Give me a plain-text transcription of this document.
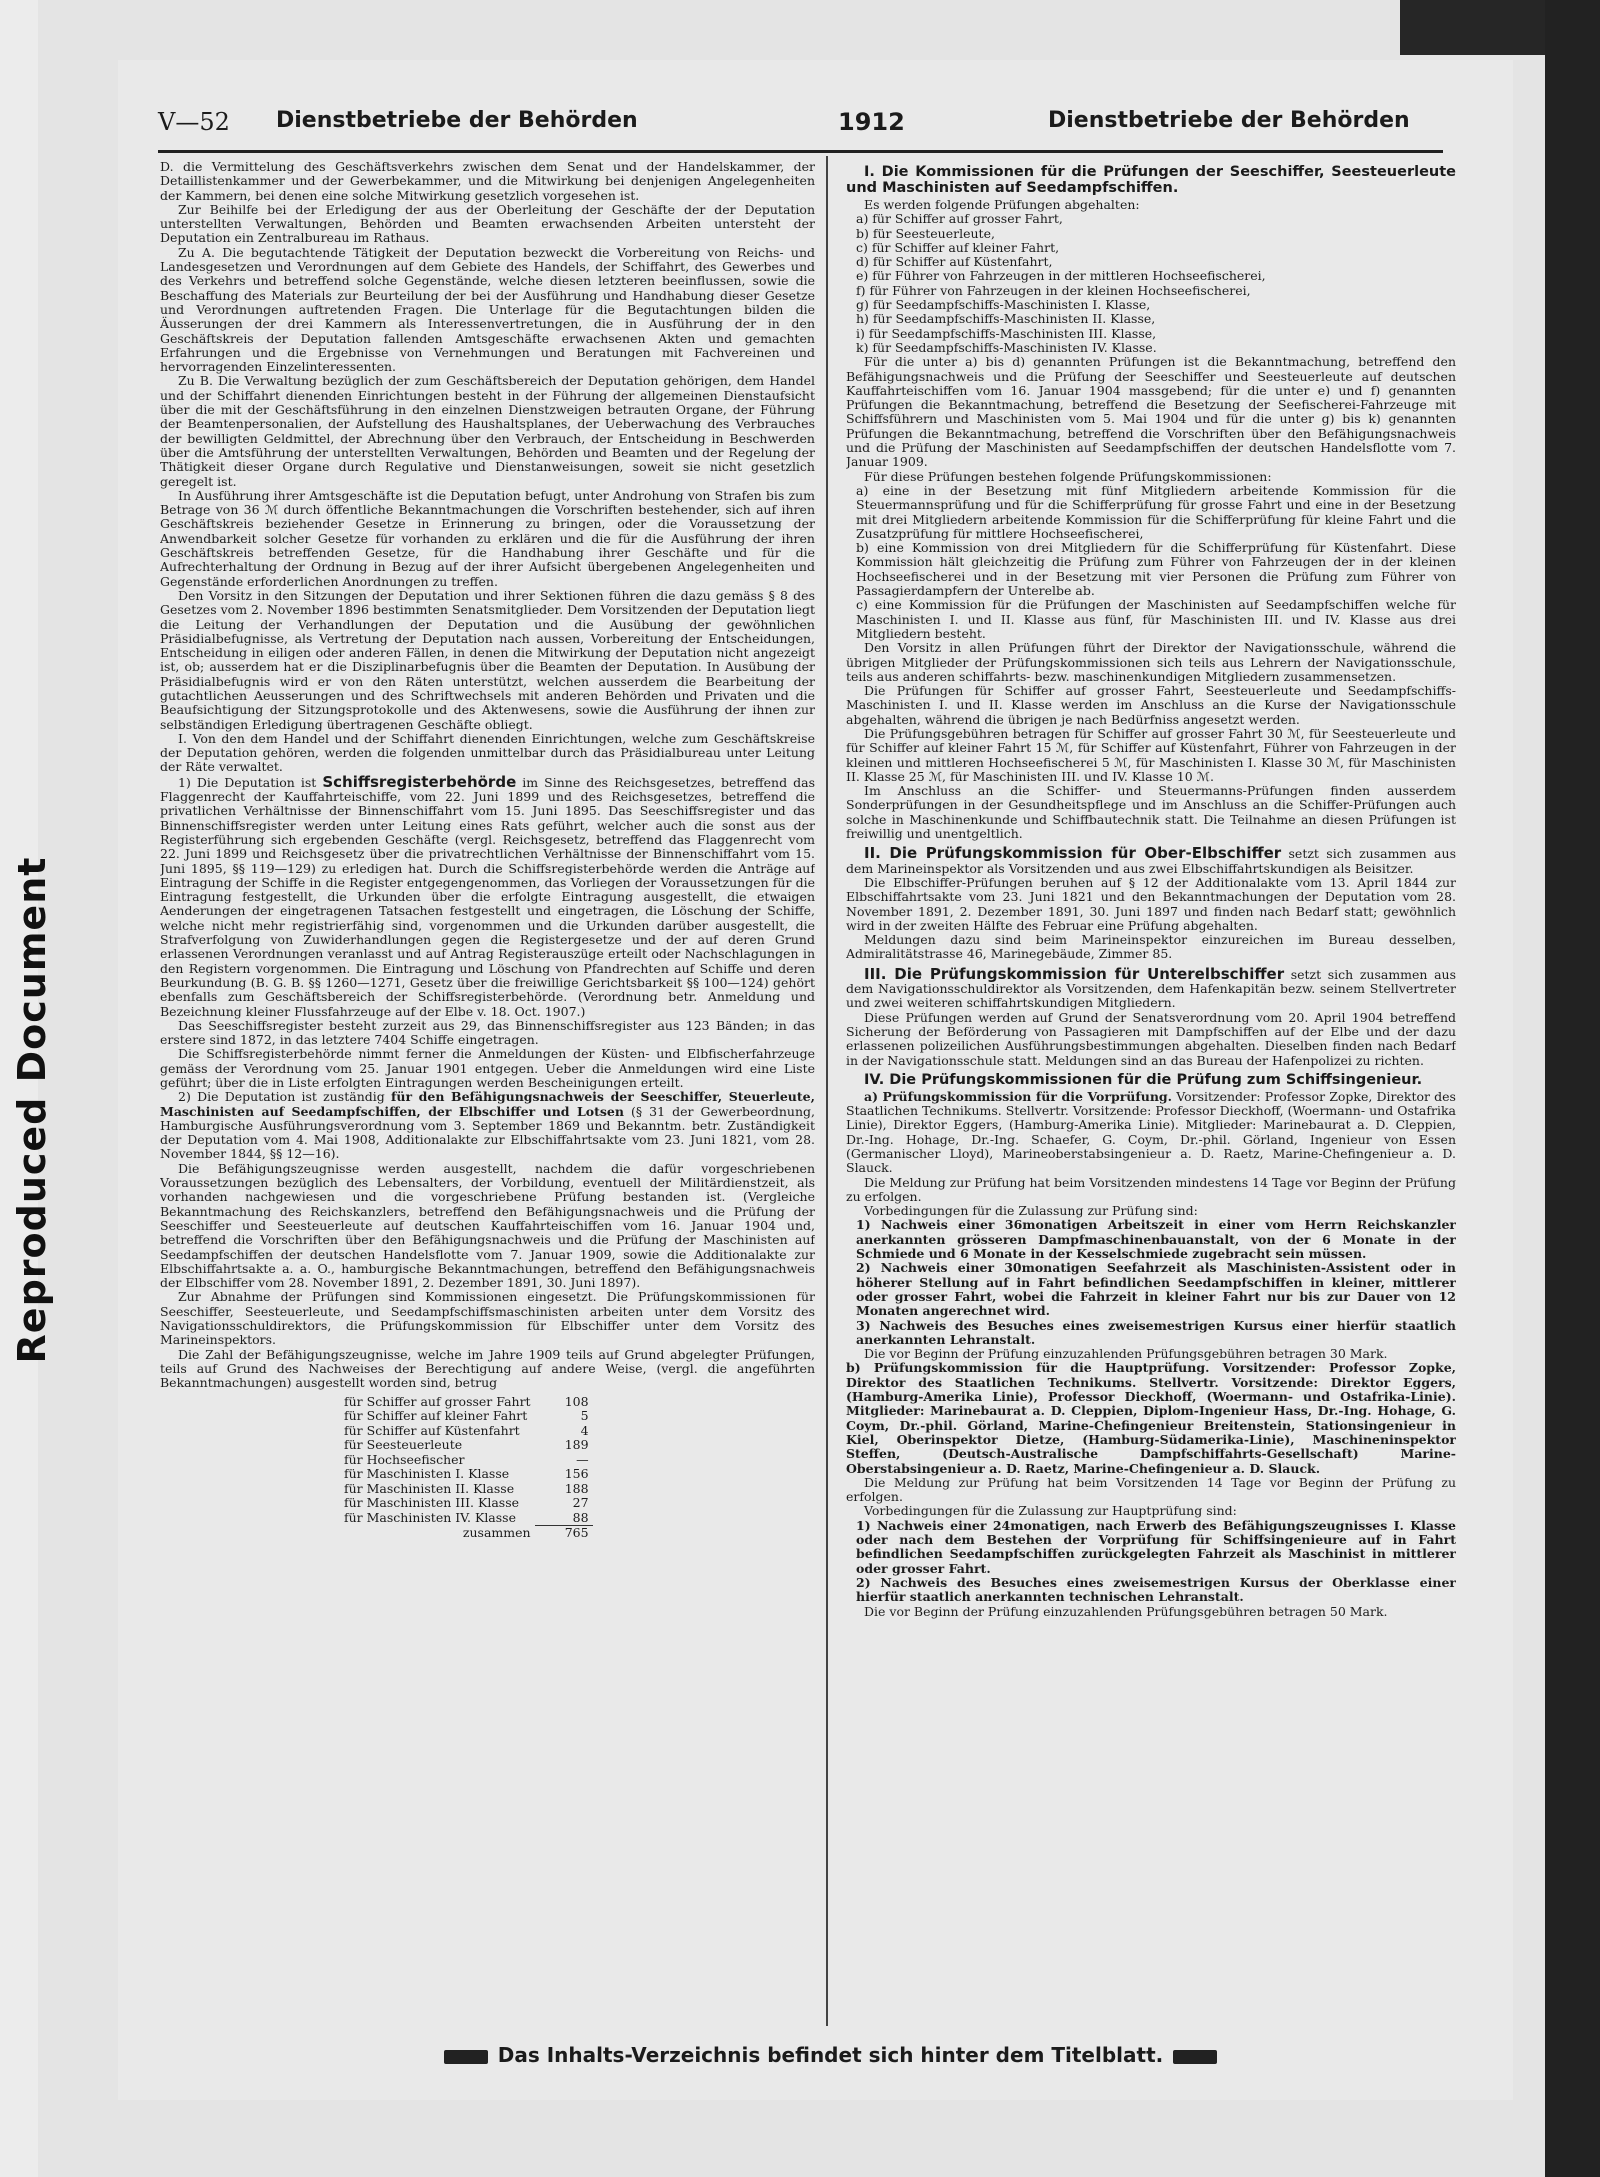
Reproduced Document
V—52 Dienstbetriebe der Behörden	1912	Dienstbetriebe der Behörden

D. die Vermittelung des Geschäftsverkehrs zwischen dem Senat und der Handelskammer, der Detaillistenkammer und der Gewerbekammer, und die Mitwirkung bei denjenigen Angelegenheiten der Kammern, bei denen eine solche Mitwirkung gesetzlich vorgesehen ist.

Zur Beihilfe bei der Erledigung der aus der Oberleitung der Geschäfte der der Deputation unterstellten Verwaltungen, Behörden und Beamten erwachsenden Arbeiten untersteht der Deputation ein Zentralbureau im Rathaus.

Zu A. Die begutachtende Tätigkeit der Deputation bezweckt die Vorbereitung von Reichs- und Landesgesetzen und Verordnungen auf dem Gebiete des Handels, der Schiffahrt, des Gewerbes und des Verkehrs und betreffend solche Gegenstände, welche diesen letzteren beeinflussen, sowie die Beschaffung des Materials zur Beurteilung der bei der Ausführung und Handhabung dieser Gesetze und Verordnungen auftretenden Fragen. Die Unterlage für die Begutachtungen bilden die Äusserungen der drei Kammern als Interessenvertretungen, die in Ausführung der in den Geschäftskreis der Deputation fallenden Amtsgeschäfte erwachsenen Akten und gemachten Erfahrungen und die Ergebnisse von Vernehmungen und Beratungen mit Fachvereinen und hervorragenden Einzelinteressenten.

Zu B. Die Verwaltung bezüglich der zum Geschäftsbereich der Deputation gehörigen, dem Handel und der Schiffahrt dienenden Einrichtungen besteht in der Führung der allgemeinen Dienstaufsicht über die mit der Geschäftsführung in den einzelnen Dienstzweigen betrauten Organe, der Führung der Beamtenpersonalien, der Aufstellung des Haushaltsplanes, der Ueberwachung des Verbrauches der bewilligten Geldmittel, der Abrechnung über den Verbrauch, der Entscheidung in Beschwerden über die Amtsführung der unterstellten Verwaltungen, Behörden und Beamten und der Regelung der Thätigkeit dieser Organe durch Regulative und Dienstanweisungen, soweit sie nicht gesetzlich geregelt ist.

In Ausführung ihrer Amtsgeschäfte ist die Deputation befugt, unter Androhung von Strafen bis zum Betrage von 36 ℳ durch öffentliche Bekanntmachungen die Vorschriften bestehender, sich auf ihren Geschäftskreis beziehender Gesetze in Erinnerung zu bringen, oder die Voraussetzung der Anwendbarkeit solcher Gesetze für vorhanden zu erklären und die für die Ausführung der ihren Geschäftskreis betreffenden Gesetze, für die Handhabung ihrer Geschäfte und für die Aufrechterhaltung der Ordnung in Bezug auf der ihrer Aufsicht übergebenen Angelegenheiten und Gegenstände erforderlichen Anordnungen zu treffen.

Den Vorsitz in den Sitzungen der Deputation und ihrer Sektionen führen die dazu gemäss § 8 des Gesetzes vom 2. November 1896 bestimmten Senatsmitglieder. Dem Vorsitzenden der Deputation liegt die Leitung der Verhandlungen der Deputation und die Ausübung der gewöhnlichen Präsidialbefugnisse, als Vertretung der Deputation nach aussen, Vorbereitung der Entscheidungen, Entscheidung in eiligen oder anderen Fällen, in denen die Mitwirkung der Deputation nicht angezeigt ist, ob; ausserdem hat er die Disziplinarbefugnis über die Beamten der Deputation. In Ausübung der Präsidialbefugnis wird er von den Räten unterstützt, welchen ausserdem die Bearbeitung der gutachtlichen Aeusserungen und des Schriftwechsels mit anderen Behörden und Privaten und die Beaufsichtigung der Sitzungsprotokolle und des Aktenwesens, sowie die Ausführung der ihnen zur selbständigen Erledigung übertragenen Geschäfte obliegt.

I. Von den dem Handel und der Schiffahrt dienenden Einrichtungen, welche zum Geschäftskreise der Deputation gehören, werden die folgenden unmittelbar durch das Präsidialbureau unter Leitung der Räte verwaltet.

1) Die Deputation ist Schiffsregisterbehörde im Sinne des Reichsgesetzes, betreffend das Flaggenrecht der Kauffahrteischiffe, vom 22. Juni 1899 und des Reichsgesetzes, betreffend die privatlichen Verhältnisse der Binnenschiffahrt vom 15. Juni 1895. Das Seeschiffsregister und das Binnenschiffsregister werden unter Leitung eines Rats geführt, welcher auch die sonst aus der Registerführung sich ergebenden Geschäfte (vergl. Reichsgesetz, betreffend das Flaggenrecht vom 22. Juni 1899 und Reichsgesetz über die privatrechtlichen Verhältnisse der Binnenschiffahrt vom 15. Juni 1895, §§ 119—129) zu erledigen hat. Durch die Schiffsregisterbehörde werden die Anträge auf Eintragung der Schiffe in die Register entgegengenommen, das Vorliegen der Voraussetzungen für die Eintragung festgestellt, die Urkunden über die erfolgte Eintragung ausgestellt, die etwaigen Aenderungen der eingetragenen Tatsachen festgestellt und eingetragen, die Löschung der Schiffe, welche nicht mehr registrierfähig sind, vorgenommen und die Urkunden darüber ausgestellt, die Strafverfolgung von Zuwiderhandlungen gegen die Registergesetze und der auf deren Grund erlassenen Verordnungen veranlasst und auf Antrag Registerauszüge erteilt oder Nachschlagungen in den Registern vorgenommen. Die Eintragung und Löschung von Pfandrechten auf Schiffe und deren Beurkundung (B. G. B. §§ 1260—1271, Gesetz über die freiwillige Gerichtsbarkeit §§ 100—124) gehört ebenfalls zum Geschäftsbereich der Schiffsregisterbehörde. (Verordnung betr. Anmeldung und Bezeichnung kleiner Flussfahrzeuge auf der Elbe v. 18. Oct. 1907.)

Das Seeschiffsregister besteht zurzeit aus 29, das Binnenschiffsregister aus 123 Bänden; in das erstere sind 1872, in das letztere 7404 Schiffe eingetragen.

Die Schiffsregisterbehörde nimmt ferner die Anmeldungen der Küsten- und Elbfischerfahrzeuge gemäss der Verordnung vom 25. Januar 1901 entgegen. Ueber die Anmeldungen wird eine Liste geführt; über die in Liste erfolgten Eintragungen werden Bescheinigungen erteilt.

2) Die Deputation ist zuständig für den Befähigungsnachweis der Seeschiffer, Steuerleute, Maschinisten auf Seedampfschiffen, der Elbschiffer und Lotsen (§ 31 der Gewerbeordnung, Hamburgische Ausführungsverordnung vom 3. September 1869 und Bekanntm. betr. Zuständigkeit der Deputation vom 4. Mai 1908, Additionalakte zur Elbschiffahrtsakte vom 23. Juni 1821, vom 28. November 1844, §§ 12—16).

Die Befähigungszeugnisse werden ausgestellt, nachdem die dafür vorgeschriebenen Voraussetzungen bezüglich des Lebensalters, der Vorbildung, eventuell der Militärdienstzeit, als vorhanden nachgewiesen und die vorgeschriebene Prüfung bestanden ist. (Vergleiche Bekanntmachung des Reichskanzlers, betreffend den Befähigungsnachweis und die Prüfung der Seeschiffer und Seesteuerleute auf deutschen Kauffahrteischiffen vom 16. Januar 1904 und, betreffend die Vorschriften über den Befähigungsnachweis und die Prüfung der Maschinisten auf Seedampfschiffen der deutschen Handelsflotte vom 7. Januar 1909, sowie die Additionalakte zur Elbschiffahrtsakte a. a. O., hamburgische Bekanntmachungen, betreffend den Befähigungsnachweis der Elbschiffer vom 28. November 1891, 2. Dezember 1891, 30. Juni 1897).

Zur Abnahme der Prüfungen sind Kommissionen eingesetzt. Die Prüfungskommissionen für Seeschiffer, Seesteuerleute, und Seedampfschiffsmaschinisten arbeiten unter dem Vorsitz des Navigationsschuldirektors, die Prüfungskommission für Elbschiffer unter dem Vorsitz des Marineinspektors.

Die Zahl der Befähigungszeugnisse, welche im Jahre 1909 teils auf Grund abgelegter Prüfungen, teils auf Grund des Nachweises der Berechtigung auf andere Weise, (vergl. die angeführten Bekanntmachungen) ausgestellt worden sind, betrug

für Schiffer auf grosser Fahrt	108
für Schiffer auf kleiner Fahrt	5
für Schiffer auf Küstenfahrt	4
für Seesteuerleute	189
für Hochseefischer	—
für Maschinisten I. Klasse	156
für Maschinisten II. Klasse	188
für Maschinisten III. Klasse	27
für Maschinisten IV. Klasse	88
zusammen	765
I. Die Kommissionen für die Prüfungen der Seeschiffer, Seesteuerleute und Maschinisten auf Seedampfschiffen.

Es werden folgende Prüfungen abgehalten:

a) für Schiffer auf grosser Fahrt,
b) für Seesteuerleute,
c) für Schiffer auf kleiner Fahrt,
d) für Schiffer auf Küstenfahrt,
e) für Führer von Fahrzeugen in der mittleren Hochseefischerei,
f) für Führer von Fahrzeugen in der kleinen Hochseefischerei,
g) für Seedampfschiffs-Maschinisten I. Klasse,
h) für Seedampfschiffs-Maschinisten II. Klasse,
i) für Seedampfschiffs-Maschinisten III. Klasse,
k) für Seedampfschiffs-Maschinisten IV. Klasse.

Für die unter a) bis d) genannten Prüfungen ist die Bekanntmachung, betreffend den Befähigungsnachweis und die Prüfung der Seeschiffer und Seesteuerleute auf deutschen Kauffahrteischiffen vom 16. Januar 1904 massgebend; für die unter e) und f) genannten Prüfungen die Bekanntmachung, betreffend die Besetzung der Seefischerei-Fahrzeuge mit Schiffsführern und Maschinisten vom 5. Mai 1904 und für die unter g) bis k) genannten Prüfungen die Bekanntmachung, betreffend die Vorschriften über den Befähigungsnachweis und die Prüfung der Maschinisten auf Seedampfschiffen der deutschen Handelsflotte vom 7. Januar 1909.

Für diese Prüfungen bestehen folgende Prüfungskommissionen:

a) eine in der Besetzung mit fünf Mitgliedern arbeitende Kommission für die Steuermannsprüfung und für die Schifferprüfung für grosse Fahrt und eine in der Besetzung mit drei Mitgliedern arbeitende Kommission für die Schifferprüfung für kleine Fahrt und die Zusatzprüfung für mittlere Hochseefischerei,
b) eine Kommission von drei Mitgliedern für die Schifferprüfung für Küstenfahrt. Diese Kommission hält gleichzeitig die Prüfung zum Führer von Fahrzeugen der in der kleinen Hochseefischerei und in der Besetzung mit vier Personen die Prüfung zum Führer von Passagierdampfern der Unterelbe ab.
c) eine Kommission für die Prüfungen der Maschinisten auf Seedampfschiffen welche für Maschinisten I. und II. Klasse aus fünf, für Maschinisten III. und IV. Klasse aus drei Mitgliedern besteht.

Den Vorsitz in allen Prüfungen führt der Direktor der Navigationsschule, während die übrigen Mitglieder der Prüfungskommissionen sich teils aus Lehrern der Navigationsschule, teils aus anderen schiffahrts- bezw. maschinenkundigen Mitgliedern zusammensetzen.

Die Prüfungen für Schiffer auf grosser Fahrt, Seesteuerleute und Seedampfschiffs-Maschinisten I. und II. Klasse werden im Anschluss an die Kurse der Navigationsschule abgehalten, während die übrigen je nach Bedürfniss angesetzt werden.

Die Prüfungsgebühren betragen für Schiffer auf grosser Fahrt 30 ℳ, für Seesteuerleute und für Schiffer auf kleiner Fahrt 15 ℳ, für Schiffer auf Küstenfahrt, Führer von Fahrzeugen in der kleinen und mittleren Hochseefischerei 5 ℳ, für Maschinisten I. Klasse 30 ℳ, für Maschinisten II. Klasse 25 ℳ, für Maschinisten III. und IV. Klasse 10 ℳ.

Im Anschluss an die Schiffer- und Steuermanns-Prüfungen finden ausserdem Sonderprüfungen in der Gesundheitspflege und im Anschluss an die Schiffer-Prüfungen auch solche in Maschinenkunde und Schiffbautechnik statt. Die Teilnahme an diesen Prüfungen ist freiwillig und unentgeltlich.

II. Die Prüfungskommission für Ober-Elbschiffer setzt sich zusammen aus dem Marineinspektor als Vorsitzenden und aus zwei Elbschiffahrtskundigen als Beisitzer.

Die Elbschiffer-Prüfungen beruhen auf § 12 der Additionalakte vom 13. April 1844 zur Elbschiffahrtsakte vom 23. Juni 1821 und den Bekanntmachungen der Deputation vom 28. November 1891, 2. Dezember 1891, 30. Juni 1897 und finden nach Bedarf statt; gewöhnlich wird in der zweiten Hälfte des Februar eine Prüfung abgehalten.

Meldungen dazu sind beim Marineinspektor einzureichen im Bureau desselben, Admiralitätstrasse 46, Marinegebäude, Zimmer 85.

III. Die Prüfungskommission für Unterelbschiffer setzt sich zusammen aus dem Navigationsschuldirektor als Vorsitzenden, dem Hafenkapitän bezw. seinem Stellvertreter und zwei weiteren schiffahrtskundigen Mitgliedern.

Diese Prüfungen werden auf Grund der Senatsverordnung vom 20. April 1904 betreffend Sicherung der Beförderung von Passagieren mit Dampfschiffen auf der Elbe und der dazu erlassenen polizeilichen Ausführungsbestimmungen abgehalten. Dieselben finden nach Bedarf in der Navigationsschule statt. Meldungen sind an das Bureau der Hafenpolizei zu richten.

IV. Die Prüfungskommissionen für die Prüfung zum Schiffsingenieur.

a) Prüfungskommission für die Vorprüfung. Vorsitzender: Professor Zopke, Direktor des Staatlichen Technikums. Stellvertr. Vorsitzende: Professor Dieckhoff, (Woermann- und Ostafrika Linie), Direktor Eggers, (Hamburg-Amerika Linie). Mitglieder: Marinebaurat a. D. Cleppien, Dr.-Ing. Hohage, Dr.-Ing. Schaefer, G. Coym, Dr.-phil. Görland, Ingenieur von Essen (Germanischer Lloyd), Marineoberstabsingenieur a. D. Raetz, Marine-Chefingenieur a. D. Slauck.

Die Meldung zur Prüfung hat beim Vorsitzenden mindestens 14 Tage vor Beginn der Prüfung zu erfolgen.

Vorbedingungen für die Zulassung zur Prüfung sind:

1) Nachweis einer 36monatigen Arbeitszeit in einer vom Herrn Reichskanzler anerkannten grösseren Dampfmaschinenbauanstalt, von der 6 Monate in der Schmiede und 6 Monate in der Kesselschmiede zugebracht sein müssen.
2) Nachweis einer 30monatigen Seefahrzeit als Maschinisten-Assistent oder in höherer Stellung auf in Fahrt befindlichen Seedampfschiffen in kleiner, mittlerer oder grosser Fahrt, wobei die Fahrzeit in kleiner Fahrt nur bis zur Dauer von 12 Monaten angerechnet wird.
3) Nachweis des Besuches eines zweisemestrigen Kursus einer hierfür staatlich anerkannten Lehranstalt.

Die vor Beginn der Prüfung einzuzahlenden Prüfungsgebühren betragen 30 Mark.

b) Prüfungskommission für die Hauptprüfung. Vorsitzender: Professor Zopke, Direktor des Staatlichen Technikums. Stellvertr. Vorsitzende: Direktor Eggers, (Hamburg-Amerika Linie), Professor Dieckhoff, (Woermann- und Ostafrika-Linie). Mitglieder: Marinebaurat a. D. Cleppien, Diplom-Ingenieur Hass, Dr.-Ing. Hohage, G. Coym, Dr.-phil. Görland, Marine-Chefingenieur Breitenstein, Stationsingenieur in Kiel, Oberinspektor Dietze, (Hamburg-Südamerika-Linie), Maschineninspektor Steffen, (Deutsch-Australische Dampfschiffahrts-Gesellschaft) Marine-Oberstabsingenieur a. D. Raetz, Marine-Chefingenieur a. D. Slauck.

Die Meldung zur Prüfung hat beim Vorsitzenden 14 Tage vor Beginn der Prüfung zu erfolgen.

Vorbedingungen für die Zulassung zur Hauptprüfung sind:

1) Nachweis einer 24monatigen, nach Erwerb des Befähigungszeugnisses I. Klasse oder nach dem Bestehen der Vorprüfung für Schiffsingenieure auf in Fahrt befindlichen Seedampfschiffen zurückgelegten Fahrzeit als Maschinist in mittlerer oder grosser Fahrt.
2) Nachweis des Besuches eines zweisemestrigen Kursus der Oberklasse einer hierfür staatlich anerkannten technischen Lehranstalt.

Die vor Beginn der Prüfung einzuzahlenden Prüfungsgebühren betragen 50 Mark.

Das Inhalts-Verzeichnis befindet sich hinter dem Titelblatt.
